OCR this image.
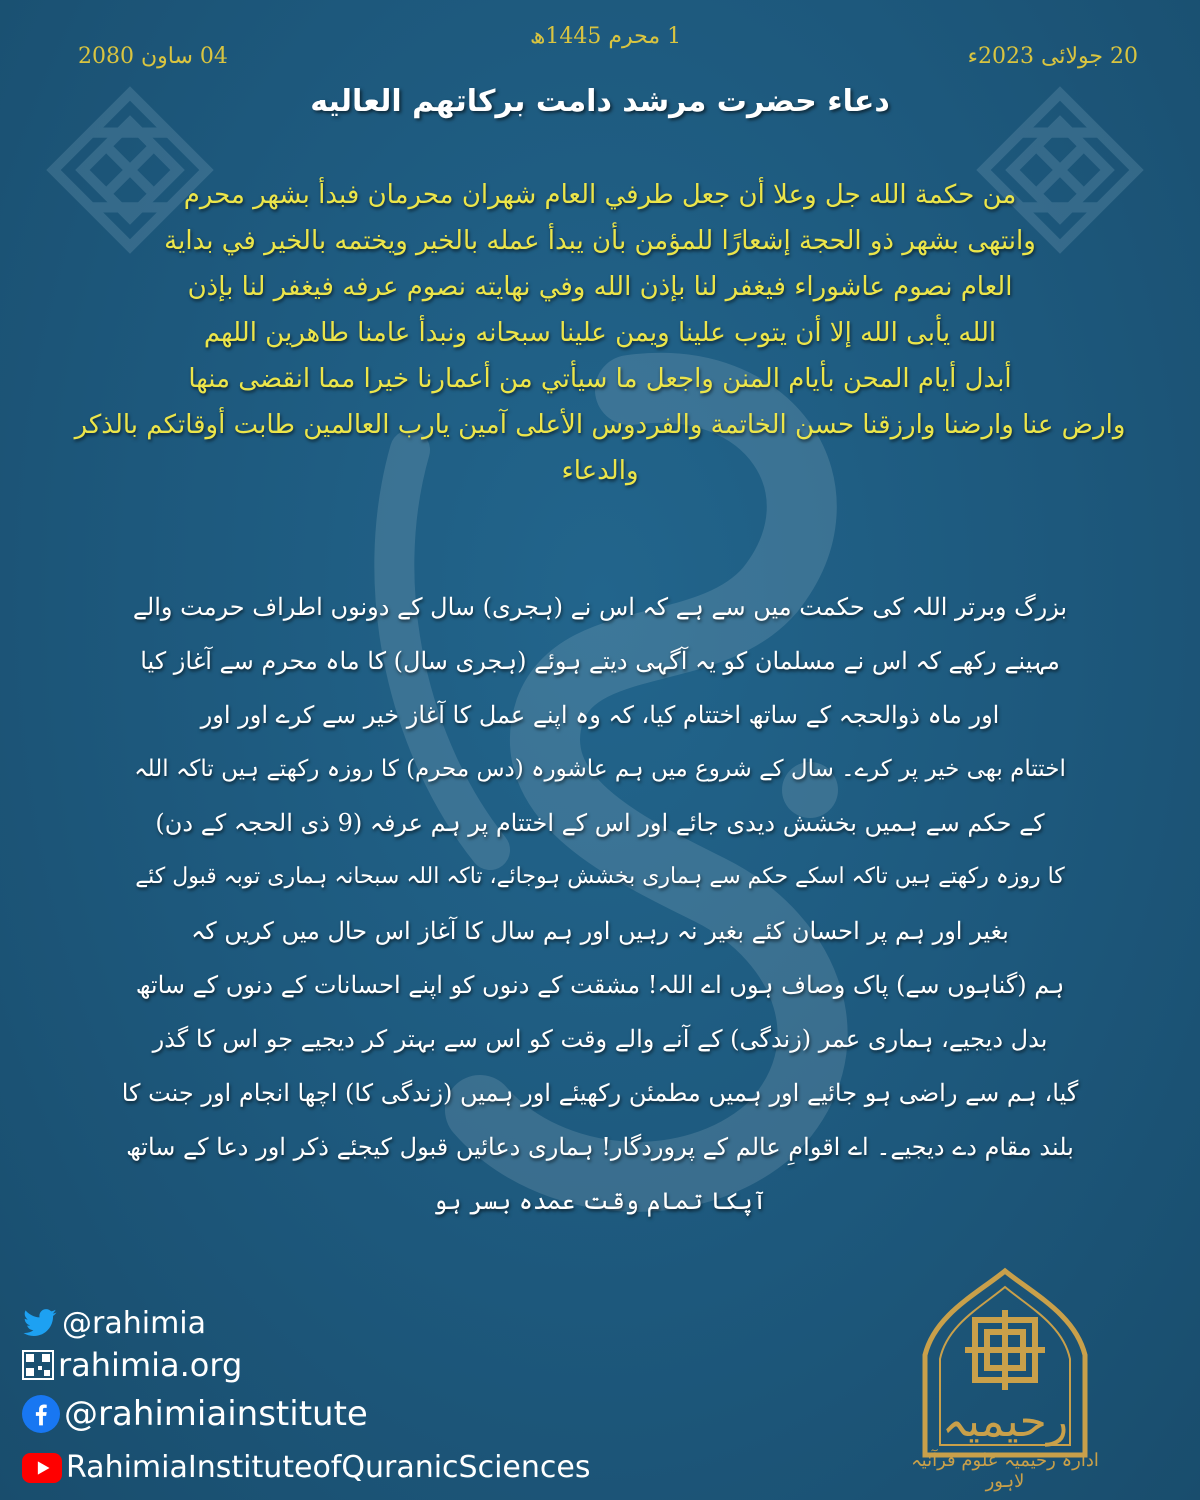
1 محرم 1445ھ
20 جولائی 2023ء
04 ساون 2080
دعاء حضرت مرشد دامت برکاتهم العاليه
من حكمة الله جل وعلا أن جعل طرفي العام شهران محرمان فبدأ بشهر محرم
وانتهى بشهر ذو الحجة إشعارًا للمؤمن بأن يبدأ عمله بالخير ويختمه بالخير في بداية
العام نصوم عاشوراء فيغفر لنا بإذن الله وفي نهايته نصوم عرفه فيغفر لنا بإذن
الله يأبى الله إلا أن يتوب علينا ويمن علينا سبحانه ونبدأ عامنا طاهرين اللهم
أبدل أيام المحن بأيام المنن واجعل ما سيأتي من أعمارنا خيرا مما انقضى منها
وارض عنا وارضنا وارزقنا حسن الخاتمة والفردوس الأعلى آمين يارب العالمين طابت أوقاتكم بالذكر
والدعاء
بزرگ وبرتر اللہ کی حکمت میں سے ہے کہ اس نے (ہجری) سال کے دونوں اطراف حرمت والے
مہینے رکھے کہ اس نے مسلمان کو یہ آگہی دیتے ہوئے (ہجری سال) کا ماہ محرم سے آغاز کیا
اور ماہ ذوالحجہ کے ساتھ اختتام کیا، کہ وہ اپنے عمل کا آغاز خیر سے کرے اور اور
اختتام بھی خیر پر کرے۔ سال کے شروع میں ہم عاشورہ (دس محرم) کا روزہ رکھتے ہیں تاکہ اللہ
کے حکم سے ہمیں بخشش دیدی جائے اور اس کے اختتام پر ہم عرفہ (9 ذی الحجہ کے دن)
کا روزہ رکھتے ہیں تاکہ اسکے حکم سے ہماری بخشش ہوجائے، تاکہ اللہ سبحانہ ہماری توبہ قبول کئے
بغیر اور ہم پر احسان کئے بغیر نہ رہیں اور ہم سال کا آغاز اس حال میں کریں کہ
ہم (گناہوں سے) پاک وصاف ہوں اے اللہ! مشقت کے دنوں کو اپنے احسانات کے دنوں کے ساتھ
بدل دیجیے، ہماری عمر (زندگی) کے آنے والے وقت کو اس سے بہتر کر دیجیے جو اس کا گذر
گیا، ہم سے راضی ہو جائیے اور ہمیں مطمئن رکھیئے اور ہمیں (زندگی کا) اچھا انجام اور جنت کا
بلند مقام دے دیجیے۔ اے اقوامِ عالم کے پروردگار! ہماری دعائیں قبول کیجئے ذکر اور دعا کے ساتھ
آپکا تمام وقت عمدہ بسر ہو
@rahimia
rahimia.org
@rahimiainstitute
RahimiaInstituteofQuranicSciences
رحیمیہ
ادارہ رحیمیہ علوم قرآنیہ لاہور
